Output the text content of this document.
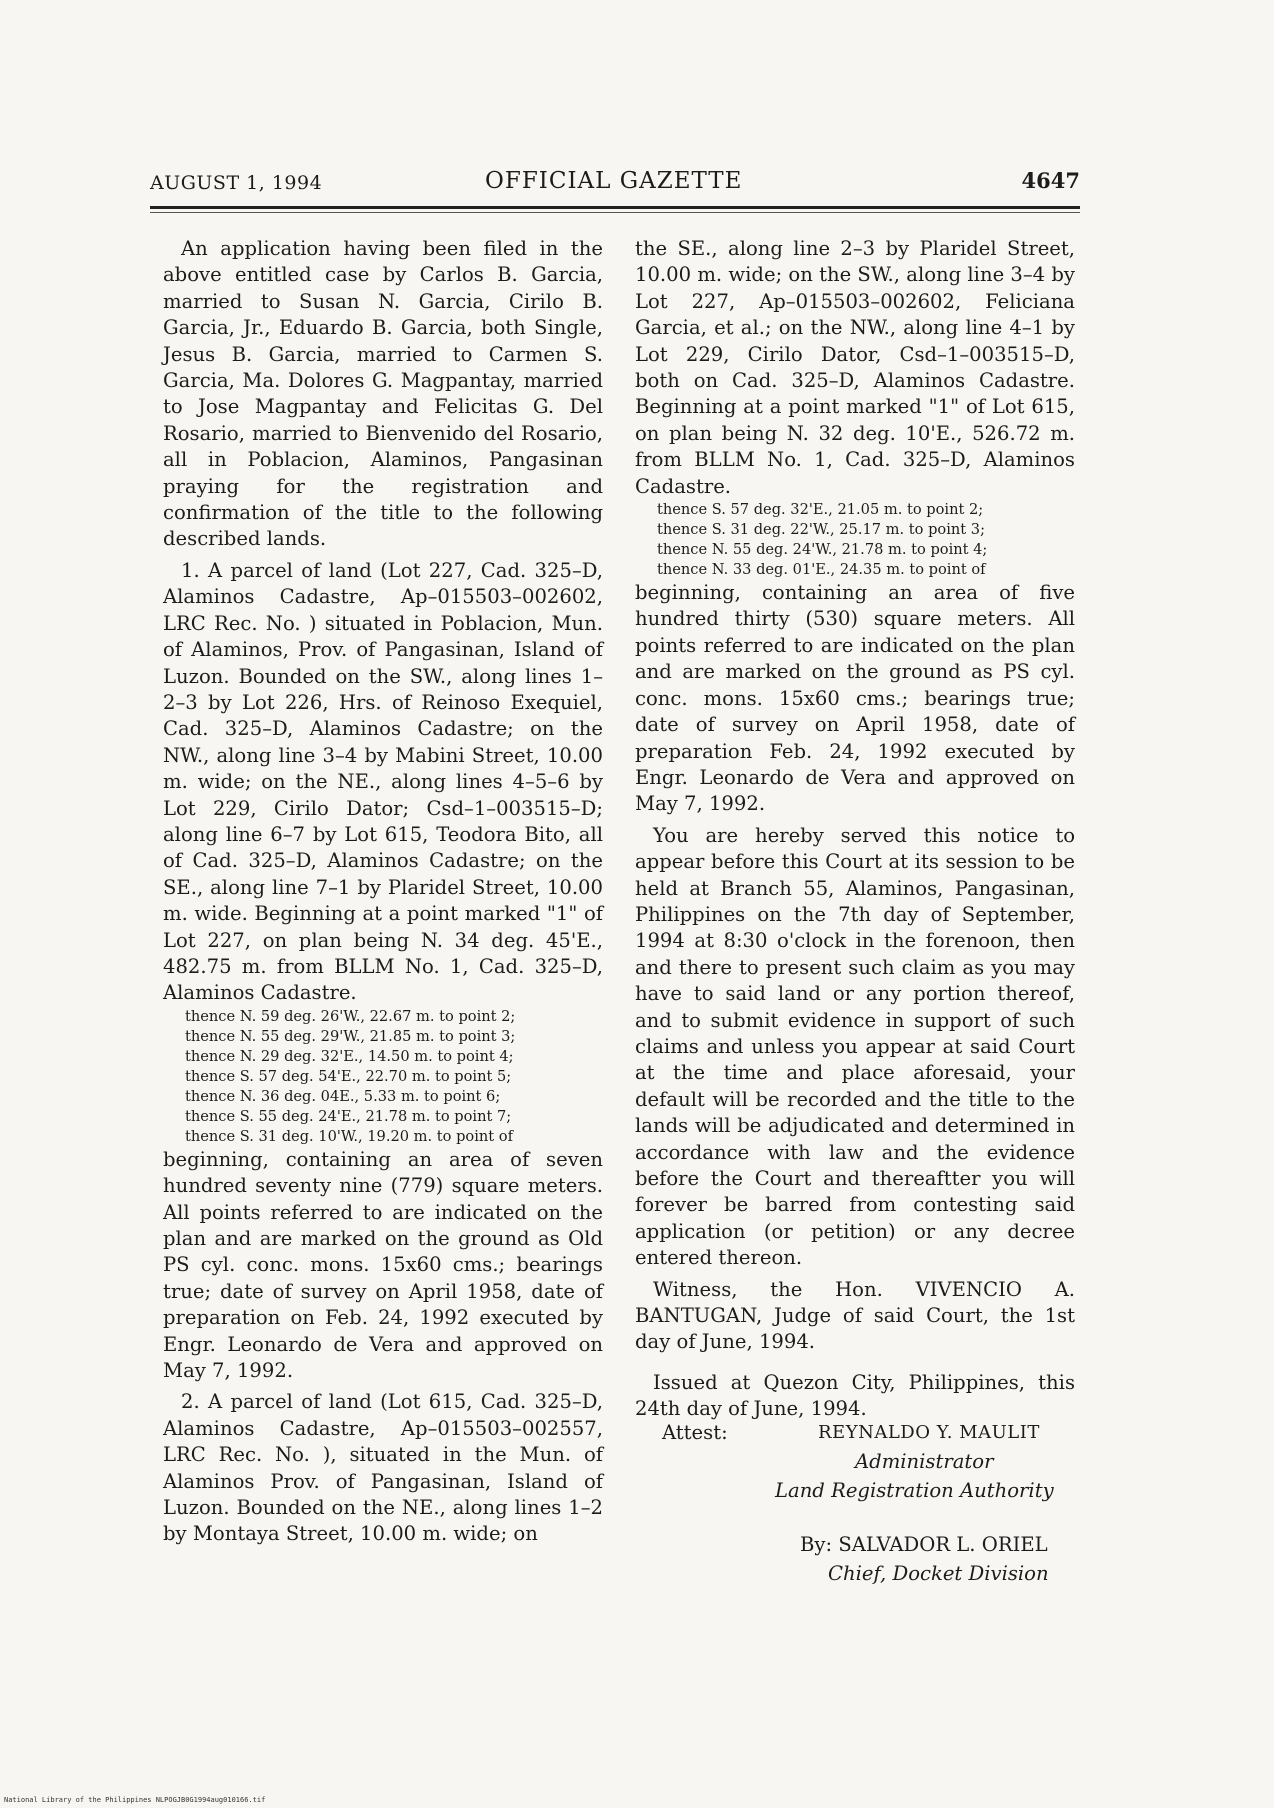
AUGUST 1, 1994	OFFICIAL GAZETTE	4647

An application having been filed in the above entitled case by Carlos B. Garcia, married to Susan N. Garcia, Cirilo B. Garcia, Jr., Eduardo B. Garcia, both Single, Jesus B. Garcia, married to Carmen S. Garcia, Ma. Dolores G. Magpantay, married to Jose Magpantay and Felicitas G. Del Rosario, married to Bienvenido del Rosario, all in Poblacion, Alaminos, Pangasinan praying for the registration and confirmation of the title to the following described lands.

1. A parcel of land (Lot 227, Cad. 325–D, Alaminos Cadastre, Ap–015503–002602, LRC Rec. No. ) situated in Poblacion, Mun. of Alaminos, Prov. of Pangasinan, Island of Luzon. Bounded on the SW., along lines 1–2–3 by Lot 226, Hrs. of Reinoso Exequiel, Cad. 325–D, Alaminos Cadastre; on the NW., along line 3–4 by Mabini Street, 10.00 m. wide; on the NE., along lines 4–5–6 by Lot 229, Cirilo Dator; Csd–1–003515–D; along line 6–7 by Lot 615, Teodora Bito, all of Cad. 325–D, Alaminos Cadastre; on the SE., along line 7–1 by Plaridel Street, 10.00 m. wide. Beginning at a point marked "1" of Lot 227, on plan being N. 34 deg. 45'E., 482.75 m. from BLLM No. 1, Cad. 325–D, Alaminos Cadastre.

thence N. 59 deg. 26'W., 22.67 m. to point 2;
thence N. 55 deg. 29'W., 21.85 m. to point 3;
thence N. 29 deg. 32'E., 14.50 m. to point 4;
thence S. 57 deg. 54'E., 22.70 m. to point 5;
thence N. 36 deg. 04E., 5.33 m. to point 6;
thence S. 55 deg. 24'E., 21.78 m. to point 7;
thence S. 31 deg. 10'W., 19.20 m. to point of

beginning, containing an area of seven hundred seventy nine (779) square meters. All points referred to are indicated on the plan and are marked on the ground as Old PS cyl. conc. mons. 15x60 cms.; bearings true; date of survey on April 1958, date of preparation on Feb. 24, 1992 executed by Engr. Leonardo de Vera and approved on May 7, 1992.

2. A parcel of land (Lot 615, Cad. 325–D, Alaminos Cadastre, Ap–015503–002557, LRC Rec. No. ), situated in the Mun. of Alaminos Prov. of Pangasinan, Island of Luzon. Bounded on the NE., along lines 1–2 by Montaya Street, 10.00 m. wide; on

the SE., along line 2–3 by Plaridel Street, 10.00 m. wide; on the SW., along line 3–4 by Lot 227, Ap–015503–002602, Feliciana Garcia, et al.; on the NW., along line 4–1 by Lot 229, Cirilo Dator, Csd–1–003515–D, both on Cad. 325–D, Alaminos Cadastre. Beginning at a point marked "1" of Lot 615, on plan being N. 32 deg. 10'E., 526.72 m. from BLLM No. 1, Cad. 325–D, Alaminos Cadastre.

thence S. 57 deg. 32'E., 21.05 m. to point 2;
thence S. 31 deg. 22'W., 25.17 m. to point 3;
thence N. 55 deg. 24'W., 21.78 m. to point 4;
thence N. 33 deg. 01'E., 24.35 m. to point of

beginning, containing an area of five hundred thirty (530) square meters. All points referred to are indicated on the plan and are marked on the ground as PS cyl. conc. mons. 15x60 cms.; bearings true; date of survey on April 1958, date of preparation Feb. 24, 1992 executed by Engr. Leonardo de Vera and approved on May 7, 1992.

You are hereby served this notice to appear before this Court at its session to be held at Branch 55, Alaminos, Pangasinan, Philippines on the 7th day of September, 1994 at 8:30 o'clock in the forenoon, then and there to present such claim as you may have to said land or any portion thereof, and to submit evidence in support of such claims and unless you appear at said Court at the time and place aforesaid, your default will be recorded and the title to the lands will be adjudicated and determined in accordance with law and the evidence before the Court and thereaftter you will forever be barred from contesting said application (or petition) or any decree entered thereon.

Witness, the Hon. VIVENCIO A. BANTUGAN, Judge of said Court, the 1st day of June, 1994.

Issued at Quezon City, Philippines, this 24th day of June, 1994.

Attest:	REYNALDO Y. MAULIT
Administrator
Land Registration Authority
By: SALVADOR L. ORIEL
Chief, Docket Division
National Library of the Philippines NLPOGJB0G1994aug010166.tif
